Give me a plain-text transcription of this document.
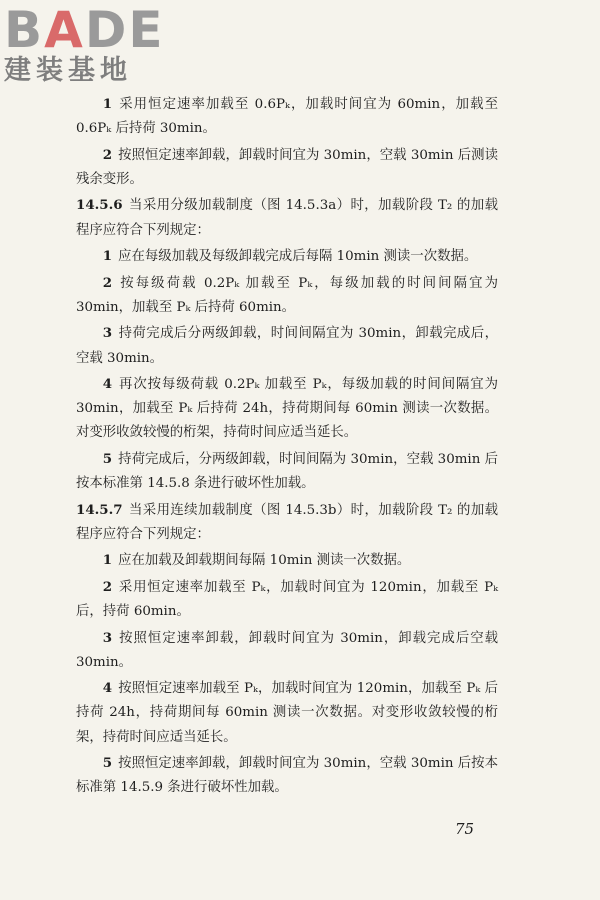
BADE
建装基地

1 采用恒定速率加载至 0.6Pₖ，加载时间宜为 60min，加载至 0.6Pₖ 后持荷 30min。

2 按照恒定速率卸载，卸载时间宜为 30min，空载 30min 后测读残余变形。

14.5.6 当采用分级加载制度（图 14.5.3a）时，加载阶段 T₂ 的加载程序应符合下列规定：

1 应在每级加载及每级卸载完成后每隔 10min 测读一次数据。

2 按每级荷载 0.2Pₖ 加载至 Pₖ，每级加载的时间间隔宜为 30min，加载至 Pₖ 后持荷 60min。

3 持荷完成后分两级卸载，时间间隔宜为 30min，卸载完成后，空载 30min。

4 再次按每级荷载 0.2Pₖ 加载至 Pₖ，每级加载的时间间隔宜为 30min，加载至 Pₖ 后持荷 24h，持荷期间每 60min 测读一次数据。对变形收敛较慢的桁架，持荷时间应适当延长。

5 持荷完成后，分两级卸载，时间间隔为 30min，空载 30min 后按本标准第 14.5.8 条进行破坏性加载。

14.5.7 当采用连续加载制度（图 14.5.3b）时，加载阶段 T₂ 的加载程序应符合下列规定：

1 应在加载及卸载期间每隔 10min 测读一次数据。

2 采用恒定速率加载至 Pₖ，加载时间宜为 120min，加载至 Pₖ 后，持荷 60min。

3 按照恒定速率卸载，卸载时间宜为 30min，卸载完成后空载 30min。

4 按照恒定速率加载至 Pₖ，加载时间宜为 120min，加载至 Pₖ 后持荷 24h，持荷期间每 60min 测读一次数据。对变形收敛较慢的桁架，持荷时间应适当延长。

5 按照恒定速率卸载，卸载时间宜为 30min，空载 30min 后按本标准第 14.5.9 条进行破坏性加载。

75
